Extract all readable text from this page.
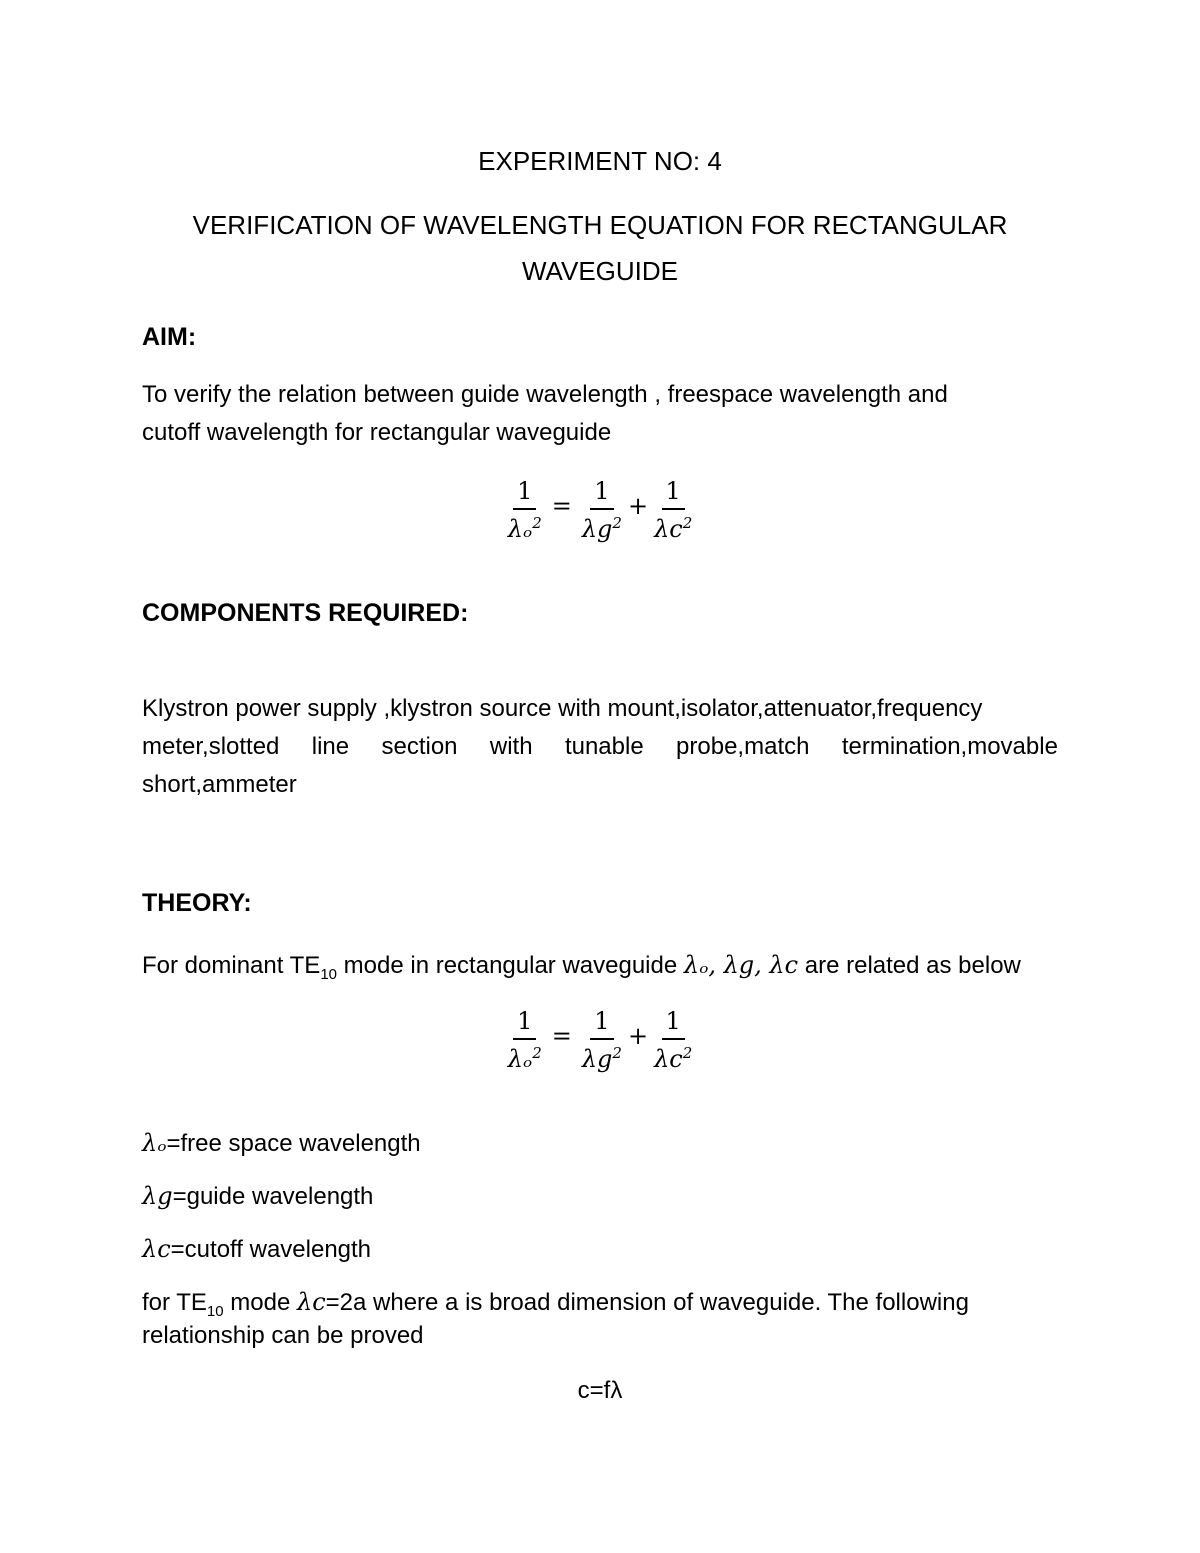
EXPERIMENT NO: 4
VERIFICATION OF WAVELENGTH EQUATION FOR RECTANGULAR
WAVEGUIDE
AIM:
To verify the relation between guide wavelength , freespace wavelength and
cutoff wavelength for rectangular waveguide
$\frac{1}{\lambda_o^2} = \frac{1}{\lambda g^2} + \frac{1}{\lambda c^2}$
COMPONENTS REQUIRED:
Klystron power supply ,klystron source with mount,isolator,attenuator,frequency
meter,slotted line section with tunable probe,match termination,movable
short,ammeter
THEORY:
For dominant $TE_{10}$ mode in rectangular waveguide λₒ, λg, λc are related as below
$\frac{1}{\lambda_o^2} = \frac{1}{\lambda g^2} + \frac{1}{\lambda c^2}$
λₒ=free space wavelength
λg=guide wavelength
λc=cutoff wavelength
for $TE_{10}$ mode λc=2a where a is broad dimension of waveguide. The following
relationship can be proved
c=fλ
